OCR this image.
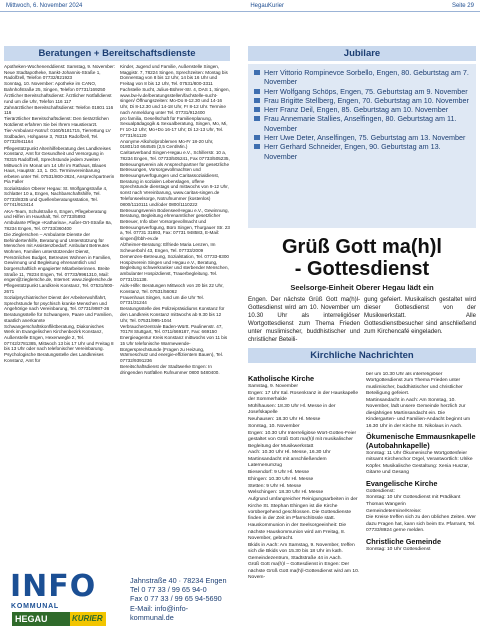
Mittwoch, 6. November 2024	HegauKurier	Seite 29
Beratungen + Bereitschaftsdienste

Apotheken-Wochenenddienst: Samstag, 9. November: Neue Stadtapotheke, Sankt-Johannis-Straße 1, Radolfzell, Telefon 07732/821923

Sonntag, 10. November: Apotheke im CANO, Bahnhofstraße 25, Singen, Telefon 07731/169250

Ärztlicher Bereitschaftsdienst: Ärztlicher Notfalldienst rund um die Uhr, Telefon 116 117

Zahnärztlicher Bereitschaftsdienst: Telefon 01801 116 116

Tierärztlicher Bereitschaftsdienst: Den tierärztlichen Notdienst erfahren Sie bei Ihrem Haustierarzt.

Tier-Ambulanz-Notruf: 0160/5181715, Tierrettung LV Südbaden, Hohgasse 3, 78315 Radolfzell, Tel. 07732/941164

Pflegestützpunkt Altenhilfeberatung des Landkreises Konstanz, Amt für Gesundheit und Versorgung in 78315 Radolfzell, Sprechstunde jedem zweiten Mittwoch im Monat um 14 Uhr im Rathaus, Blaues Haus, Hauptstr. 13, 1. OG. Terminvereinbarung erbeten unter Tel. 07531/800-2624, Ansprechpartnerin Pia Faller

Sozialstation Oberer Hegau: St. Wolfgangstraße 4, Schlatter 10 a, Engen, Nachbarschaftshilfe, Tel. 07733/8335 und Quellenberatungsstation, Tel. 07741/913414

AKA-Team, Schulstraße 6, Engen, Pflegeberatung und Hilfen im Haushalt, Tel. 07733/5893

Ambulante Pflege «Katharina», Außer-Ort-Straße 8a, 78234 Engen, Tel. 07733/360400

Die Zieglerschen – Ambulante Dienste der Behindertenhilfe, Beratung und Unterstützung für Menschen mit Assistenzbedarf: Ambulant Betreutes Wohnen, Familien unterstützender Dienst, Persönliches Budget, Betreutes Wohnen in Familien, Gewinnung und Begleitung ehrenamtlich und bürgerschaftlich engagierter Mitarbeiterinnen. Breite Straße 11, 78234 Engen, Tel. 07733/9961310, Mail: engen@zieglersche.de, Internet: www.zieglersche.de

Pflegestützpunkt Landkreis Konstanz, Tel. 07531/800-2671

Sozialpsychiatrischer Dienst der Arbeiterwohlfahrt, Sprechstunde für psychisch kranke Menschen und Angehörige nach Vereinbarung, Tel. 07731/9987-36

Beratungsstelle für Schwangere, Paare und Familien, staatlich anerkannte Schwangerschaftskonfliktberatung, Diakonisches Werk im Evangelischen Kirchenbezirk Konstanz, Außenstelle Engen, Hexenwegle 2, Tel. 07742/2781385, Mittwoch 13 bis 17 Uhr und Freitag 8 bis 13 Uhr oder nach telefonischer Vereinbarung.

Psychologische Beratungsstelle des Landkreises Konstanz, Amt für

Kinder, Jugend und Familie, Außenstelle Singen, Maggistr. 7, 78224 Singen, Sprechzeiten: Montag bis Donnerstag von 8 bis 12 Uhr, 14 bis 16 Uhr und Freitag von 8 bis 12 Uhr, Tel. 07531/800-3311

Fachstelle Sucht, Julius-Bührer-Str. 4, DAS 1, Singen, www.bw-lv.de/beratungsstellen/fachstelle-sucht-singen/ Öffnungszeiten: Mo-Do 8-12.30 und 14-16 Uhr, Di 8-12.30 und 14-18 Uhr, Fr 8-12 Uhr. Termine nach Anmeldung unter Tel. 07731/912400

pro familia, Gesellschaft für Familienplanung, Sexualpädagogik & Sexualberatung, Singen, Mo, Mi, Fr 10-12 Uhr; Mo+Do 16-17 Uhr; Di 12-13 Uhr, Tel. 07731/61120

Anonyme Alkoholproblemen Mo-Fr 18-20 Uhr, 01801/10 664545 (2,5 Cent/Min.)

Caritasverband Singen-Hegau e.V., Schillerstr. 10 a, 78234 Engen, Tel. 07733/505241, Fax 07733/505235, Betreuungsverein als Ansprechpartner für gesetzliche Betreuungen, Vorsorgevollmachten und Betreuungsverfügungen und Caritassozialdienst, Beratung in sozialen Lebenslagen, offene Sprechstunde dienstags und mittwochs von 9-12 Uhr, sonst nach Vereinbarung, www.caritas-singen.de

Telefonseelsorge, Notrufnummer (kostenlos) 0800/1110111 und/oder 0800/1110222

Betreuungsverein Bodensee/Hegau e.V., Gewinnung, Beratung, Begleitung ehrenamtlicher gesetzlicher Betreuer, Info über Vorsorgevollmacht und Betreuungsverfügung, Büro Singen, Thurgauer Str. 23 a, Tel. 07731 31893, Fax: 07731 948583, E-Mail: singen@bbh-ev.de

Alzheimer-Beratung: Elfriede Maria Lenzen, Im Scheuerbohl 43, Engen, Tel. 07733/2009

Demenzen-Betreuung, Sozialstation, Tel. 07733-8300

Hospizverein Singen und Hegau e.V., Beratung, Begleitung schwerkranker und sterbender Menschen, ambulanter Hospizdienst, Trauerbegleitung. Tel. 07731/31138.

Aids-Hilfe: Beratungen Mittwoch von 20 bis 22 Uhr, Konstanz, Tel. 07531/56062

Frauenhaus Singen, rund um die Uhr Tel. 07731/31244

Beratungsstelle des Polizeipräsidiums Konstanz für den Landkreis Konstanz mittwochs ab 9.30 bis 12 Uhr, Tel. 07531/995-1044

Verbraucherzentrale Baden-Württ. Paulinenstr. 47, 70178 Stuttgart, Tel. 0711/669187, Fax: 669150

Energieagentur Kreis Konstanz mittwochs von 11 bis 15 Uhr telefonische Warmewende-Bürgersprechstunde (Fragen zu Heizung, Wärmeschutz und energie-effizientem Bauen), Tel. 07732/9391236

Bereitschaftsdienst der Stadtwerke Engen: In dringenden Notfällen Rufnummer 0800 5480400.

INFO
KOMMUNAL
HEGAU	KURIER
Jahnstraße 40 · 78234 Engen
Tel 0 77 33 / 99 65 94-0
Fax 0 77 33 / 99 65 94-5690
E-Mail: info@info-kommunal.de
Jubilare
Herr Vittorio Rompinevce Sorbello, Engen, 80. Geburtstag am 7. November
Herr Wolfgang Schöps, Engen, 75. Geburtstag am 9. November
Frau Brigitte Stellberg, Engen, 70. Geburtstag am 10. November
Herr Franz Deil, Engen, 85. Geburtstag am 10. November
Frau Annemarie Stallies, Anselfingen, 80. Geburtstag am 11. November
Herr Uwe Deter, Anselfingen, 75. Geburtstag am 13. November
Herr Gerhard Schneider, Engen, 90. Geburtstag am 13. November
Grüß Gott ma(h)l
- Gottesdienst
Seelsorge-Einheit Oberer Hegau lädt ein
Engen. Der nächste Grüß Gott ma(h)l-Gottesdienst wird am 10. November um 10.30 Uhr als interreligiöser Wortgottesdienst zum Thema Frieden unter muslimischer, buddhistischer und christlicher Beteili-
gung gefeiert. Musikalisch gestaltet wird dieser Gottesdienst von der Musikwerkstatt. Alle Gottesdienstbesucher sind anschließend zum Kirchencafé eingeladen.
Kirchliche Nachrichten
Katholische Kirche

Samstag, 9. November

Engen: 17 Uhr Ital. Rosenkranz in der Hauskapelle der Sommerhalde

Mühlhausen: 18.30 Uhr Hl. Messe in der Josefskapelle

Neuhausen: 18.30 Uhr Hl. Messe

Sonntag, 10. November

Engen: 10.30 Uhr Interreligiöse Wort-Gottes-Feier gestaltet von Grüß Gott ma(h)l mit musikalischer Begleitung der Musikwerkstatt

Aach: 10.30 Uhr Hl. Messe, 16.30 Uhr Martinsandacht mit anschließendem Laternenumzug

Biesendorf: 9 Uhr Hl. Messe

Ehingen: 10.30 Uhr Hl. Messe

Stetten: 9 Uhr Hl. Messe

Welschingen: 18.30 Uhr Hl. Messe

Aufgrund umfangreicher Reinigungsarbeiten in der Kirche St. Stephan Ehingen ist die Kirche vorübergehend geschlossen. Die Gottesdienste finden in der Zeit im Pfarrschlössle statt.

Hauskommunion in der Seelsorgeeinheit: Die nächste Hauskommunion wird am Freitag, 8. November, gebracht.

Bkids in Aach: Am Samstag, 9. November, treffen sich die Bkids von 15.30 bis 18 Uhr im kath. Gemeindezentrum, Stadtstraße 44 in Aach.

Grüß Gott ma(h)l – Gottesdienst in Engen: Der nächste Grüß Gott ma(h)l-Gottesdienst wird am 10. Novem-

ber um 10.30 Uhr als interreligiöser Wortgottesdienst zum Thema Frieden unter muslimischer, buddhistischer und christlicher Beteiligung gefeiert.

Martinsandacht in Aach: Am Sonntag, 10. November, lädt unsere Gemeinde herzlich zur diesjährigen Martinsandacht ein. Die Kindergarten- und Familien-Andacht beginnt um 16.30 Uhr in der Kirche St. Nikolaus in Aach.

Ökumenische Emmausnkapelle (Autobahnkapelle)

Sonntag: 11 Uhr Ökumenische Wortgottesfeier mitsamt Kirchenchor Orgel, Verantwortlich: Ulrike Köpfer. Musikalische Gestaltung: Xenia Huszar, Gitarre und Gesang

Evangelische Kirche

Gottesdienst:

Sonntag: 10 Uhr Gottesdienst mit Prädikant Thomas Wangerin

Gemeindetermine/Kreise:

Die Kreise treffen sich zu den üblichen Zeiten. Wer dazu Fragen hat, kann sich beim Ev. Pfarramt, Tel. 07733/8924 gerne melden.

Christliche Gemeinde

Sonntag: 10 Uhr Gottesdienst
